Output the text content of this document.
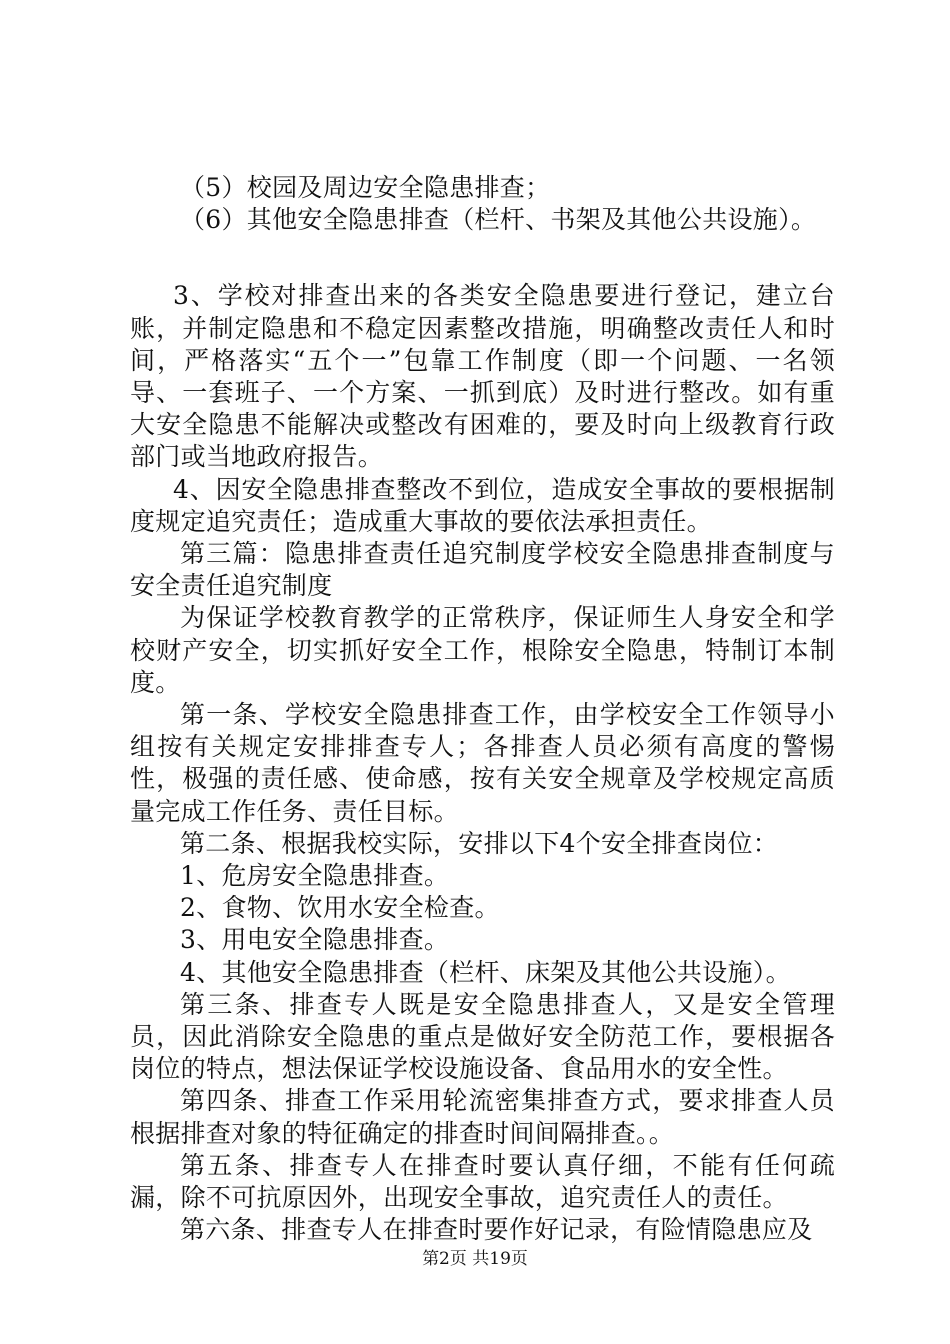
（5）校园及周边安全隐患排查；

（6）其他安全隐患排查（栏杆、书架及其他公共设施）。

3、学校对排查出来的各类安全隐患要进行登记，建立台账，并制定隐患和不稳定因素整改措施，明确整改责任人和时间，严格落实“五个一”包靠工作制度（即一个问题、一名领导、一套班子、一个方案、一抓到底）及时进行整改。如有重大安全隐患不能解决或整改有困难的，要及时向上级教育行政部门或当地政府报告。

4、因安全隐患排查整改不到位，造成安全事故的要根据制度规定追究责任；造成重大事故的要依法承担责任。

第三篇：隐患排查责任追究制度学校安全隐患排查制度与安全责任追究制度

为保证学校教育教学的正常秩序，保证师生人身安全和学校财产安全，切实抓好安全工作，根除安全隐患，特制订本制度。

第一条、学校安全隐患排查工作，由学校安全工作领导小组按有关规定安排排查专人；各排查人员必须有高度的警惕性，极强的责任感、使命感，按有关安全规章及学校规定高质量完成工作任务、责任目标。

第二条、根据我校实际，安排以下4个安全排查岗位：

1、危房安全隐患排查。

2、食物、饮用水安全检查。

3、用电安全隐患排查。

4、其他安全隐患排查（栏杆、床架及其他公共设施）。

第三条、排查专人既是安全隐患排查人，又是安全管理员，因此消除安全隐患的重点是做好安全防范工作，要根据各岗位的特点，想法保证学校设施设备、食品用水的安全性。

第四条、排查工作采用轮流密集排查方式，要求排查人员根据排查对象的特征确定的排查时间间隔排查。。

第五条、排查专人在排查时要认真仔细，不能有任何疏漏，除不可抗原因外，出现安全事故，追究责任人的责任。

第六条、排查专人在排查时要作好记录，有险情隐患应及

第2页 共19页
